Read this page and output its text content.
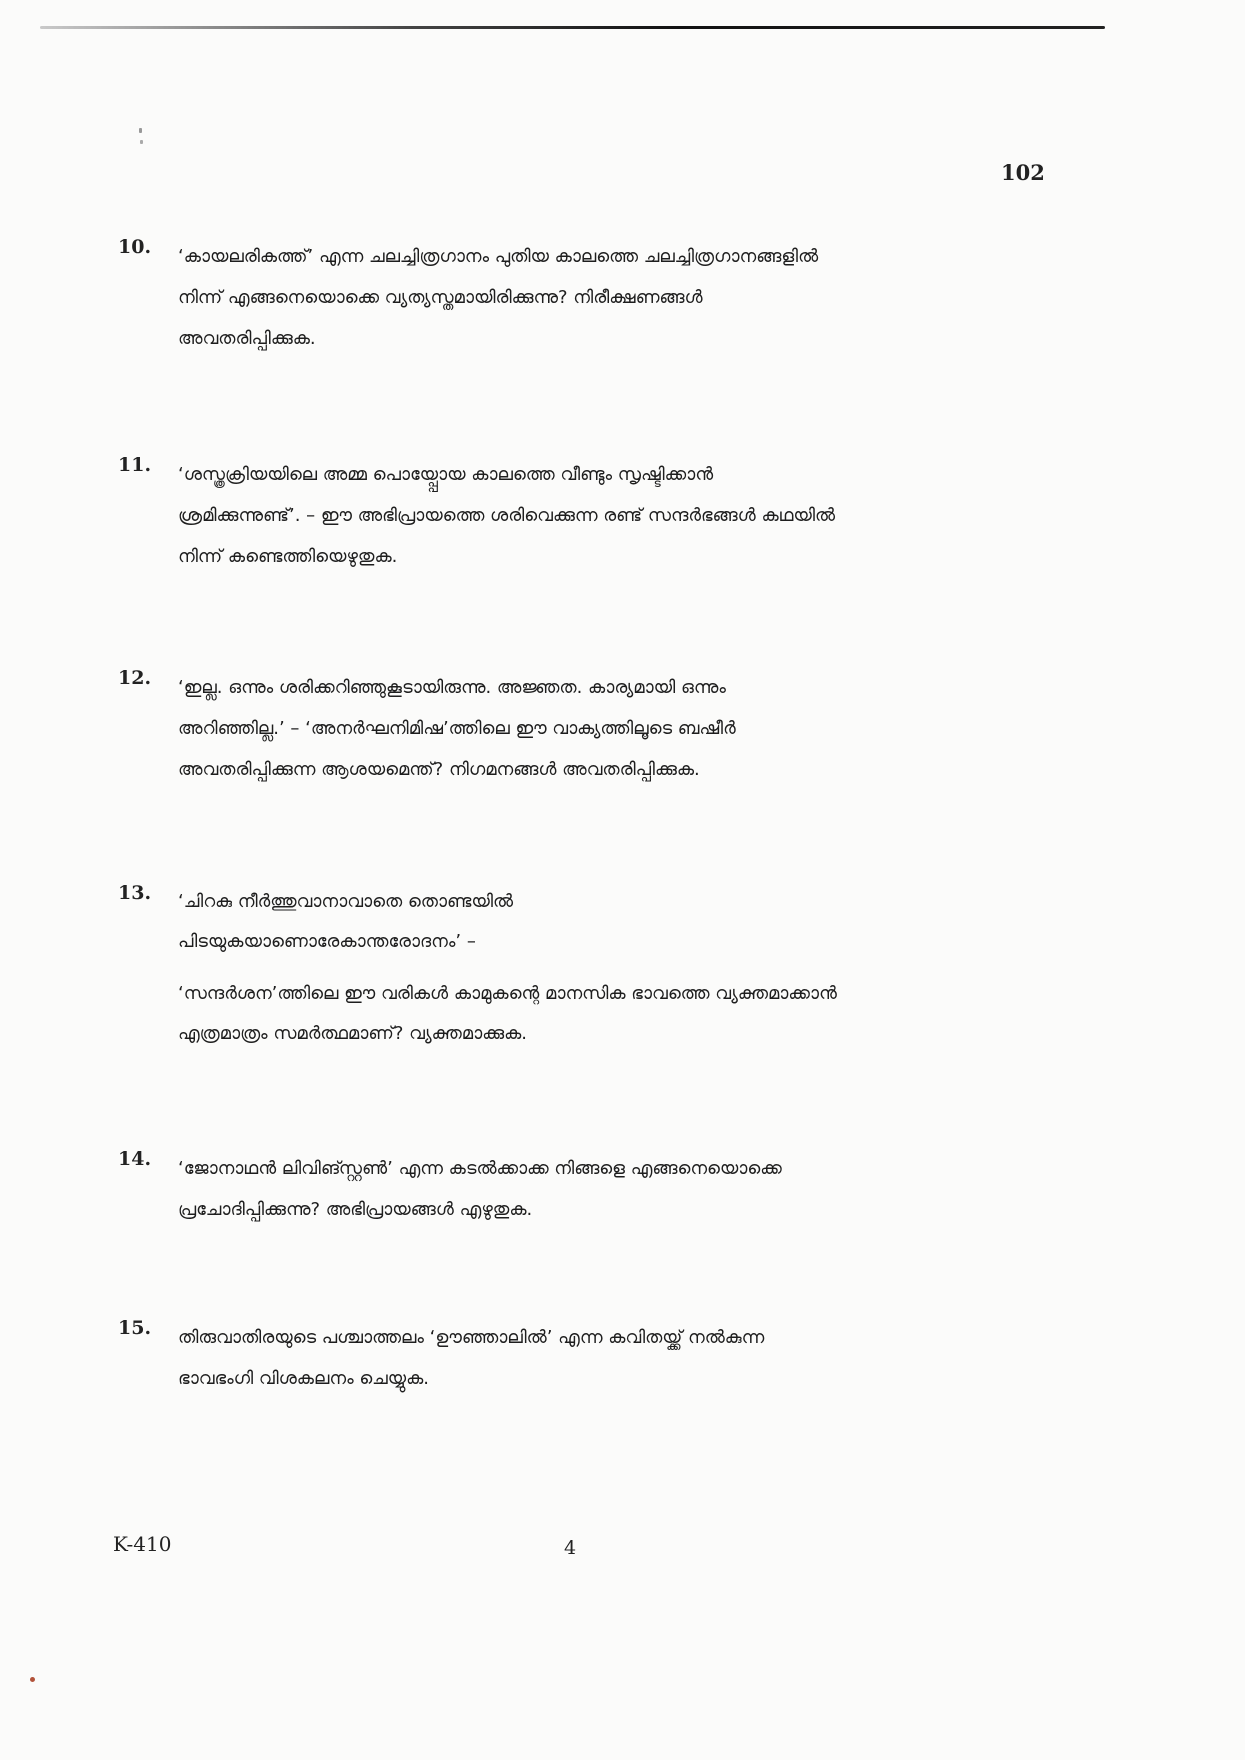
102
10. ‘കായലരികത്ത്’ എന്ന ചലച്ചിത്രഗാനം പുതിയ കാലത്തെ ചലച്ചിത്രഗാനങ്ങളിൽ
നിന്ന് എങ്ങനെയൊക്കെ വ്യത്യസ്തമായിരിക്കുന്നു? നിരീക്ഷണങ്ങൾ
അവതരിപ്പിക്കുക.
11. ‘ശസ്ത്രക്രിയയിലെ അമ്മ പൊയ്പ്പോയ കാലത്തെ വീണ്ടും സൃഷ്ടിക്കാൻ
ശ്രമിക്കുന്നുണ്ട്’. – ഈ അഭിപ്രായത്തെ ശരിവെക്കുന്ന രണ്ട് സന്ദർഭങ്ങൾ കഥയിൽ
നിന്ന് കണ്ടെത്തിയെഴുതുക.
12. ‘ഇല്ല. ഒന്നും ശരിക്കറിഞ്ഞുകൂടായിരുന്നു. അജ്ഞത. കാര്യമായി ഒന്നും
അറിഞ്ഞില്ല.’ – ‘അനർഘനിമിഷ’ത്തിലെ ഈ വാക്യത്തിലൂടെ ബഷീർ
അവതരിപ്പിക്കുന്ന ആശയമെന്ത്? നിഗമനങ്ങൾ അവതരിപ്പിക്കുക.
13. ‘ചിറകു നീർത്തുവാനാവാതെ തൊണ്ടയിൽ
പിടയുകയാണൊരേകാന്തരോദനം’ –
‘സന്ദർശന’ത്തിലെ ഈ വരികൾ കാമുകന്റെ മാനസിക ഭാവത്തെ വ്യക്തമാക്കാൻ
എത്രമാത്രം സമർത്ഥമാണ്? വ്യക്തമാക്കുക.
14. ‘ജോനാഥൻ ലിവിങ്സ്റ്റൺ’ എന്ന കടൽക്കാക്ക നിങ്ങളെ എങ്ങനെയൊക്കെ
പ്രചോദിപ്പിക്കുന്നു? അഭിപ്രായങ്ങൾ എഴുതുക.
15. തിരുവാതിരയുടെ പശ്ചാത്തലം ‘ഊഞ്ഞാലിൽ’ എന്ന കവിതയ്ക്ക് നൽകുന്ന
ഭാവഭംഗി വിശകലനം ചെയ്യുക.
K-410	4
